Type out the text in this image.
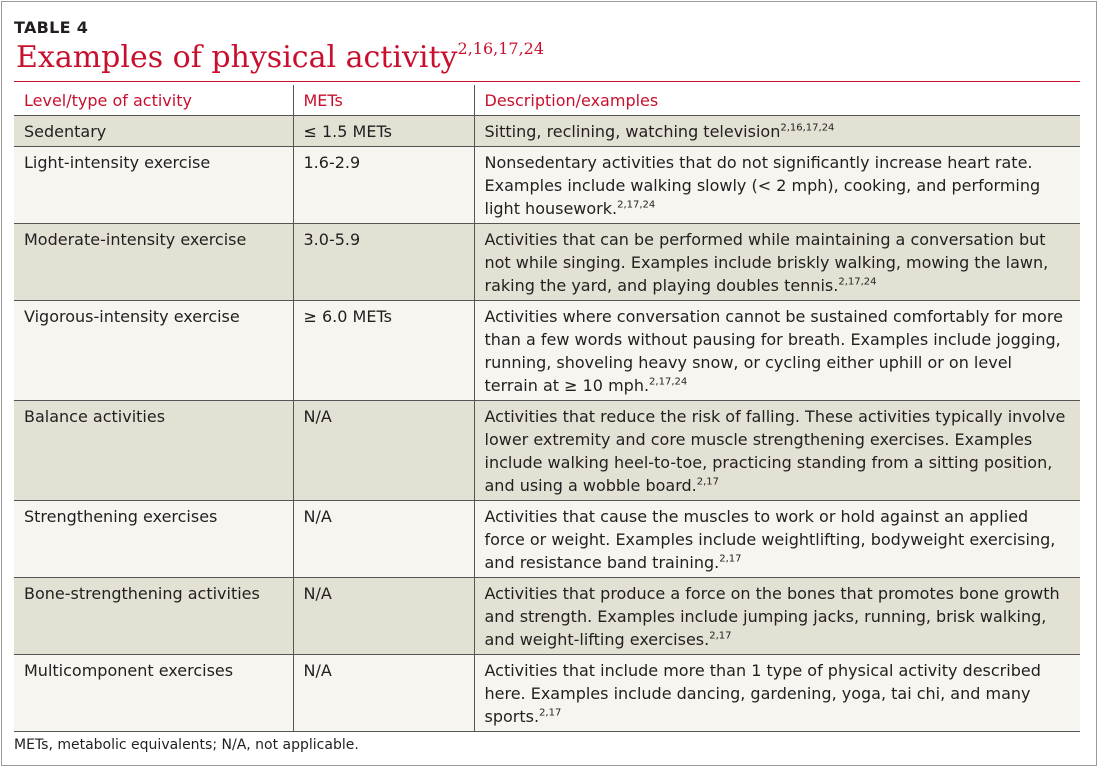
TABLE 4
Examples of physical activity$^{2,16,17,24}$
Level/type of activity	METs	Description/examples
Sedentary	≤ 1.5 METs	Sitting, reclining, watching television$^{2,16,17,24}$
Light-intensity exercise	1.6-2.9	Nonsedentary activities that do not significantly increase heart rate. Examples include walking slowly (< 2 mph), cooking, and performing light housework.$^{2,17,24}$
Moderate-intensity exercise	3.0-5.9	Activities that can be performed while maintaining a conversation but not while singing. Examples include briskly walking, mowing the lawn, raking the yard, and playing doubles tennis.$^{2,17,24}$
Vigorous-intensity exercise	≥ 6.0 METs	Activities where conversation cannot be sustained comfortably for more than a few words without pausing for breath. Examples include jogging, running, shoveling heavy snow, or cycling either uphill or on level terrain at ≥ 10 mph.$^{2,17,24}$
Balance activities	N/A	Activities that reduce the risk of falling. These activities typically involve lower extremity and core muscle strengthening exercises. Examples include walking heel-to-toe, practicing standing from a sitting position, and using a wobble board.$^{2,17}$
Strengthening exercises	N/A	Activities that cause the muscles to work or hold against an applied force or weight. Examples include weightlifting, bodyweight exercising, and resistance band training.$^{2,17}$
Bone-strengthening activities	N/A	Activities that produce a force on the bones that promotes bone growth and strength. Examples include jumping jacks, running, brisk walking, and weight-lifting exercises.$^{2,17}$
Multicomponent exercises	N/A	Activities that include more than 1 type of physical activity described here. Examples include dancing, gardening, yoga, tai chi, and many sports.$^{2,17}$
METs, metabolic equivalents; N/A, not applicable.
